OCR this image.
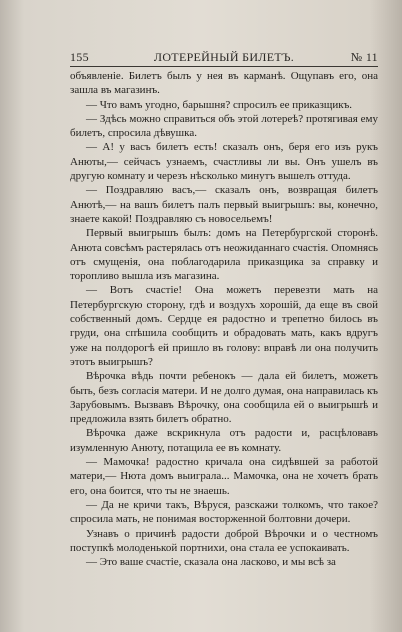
155	ЛОТЕРЕЙНЫЙ БИЛЕТЪ.	№ 11

объявленіе. Билетъ былъ у нея въ карманѣ. Ощупавъ его, она зашла въ магазинъ.

— Что вамъ угодно, барышня? спросилъ ее приказщикъ.

— Здѣсь можно справиться объ этой лотереѣ? протягивая ему билетъ, спросила дѣвушка.

— А! у васъ билетъ есть! сказалъ онъ, беря его изъ рукъ Анюты,— сейчасъ узнаемъ, счастливы ли вы. Онъ ушелъ въ другую комнату и черезъ нѣсколько минутъ вышелъ оттуда.

— Поздравляю васъ,— сказалъ онъ, возвращая билетъ Анютѣ,— на вашъ билетъ палъ первый выигрышъ: вы, конечно, знаете какой! Поздравляю съ новосельемъ!

Первый выигрышъ былъ: домъ на Петербургской сторонѣ. Анюта совсѣмъ растерялась отъ неожиданнаго счастія. Опомнясь отъ смущенія, она поблагодарила приказщика за справку и торопливо вышла изъ магазина.

— Вотъ счастіе! Она можетъ перевезти мать на Петербургскую сторону, гдѣ и воздухъ хорошій, да еще въ свой собственный домъ. Сердце ея радостно и трепетно билось въ груди, она спѣшила сообщить и обрадовать мать, какъ вдругъ уже на полдорогѣ ей пришло въ голову: вправѣ ли она получить этотъ выигрышъ?

Вѣрочка вѣдь почти ребенокъ — дала ей билетъ, можетъ быть, безъ согласія матери. И не долго думая, она направилась къ Зарубовымъ. Вызвавъ Вѣрочку, она сообщила ей о выигрышѣ и предложила взять билетъ обратно.

Вѣрочка даже вскрикнула отъ радости и, расцѣловавъ изумленную Анюту, потащила ее въ комнату.

— Мамочка! радостно кричала она сидѣвшей за работой матери,— Нюта домъ выиграла... Мамочка, она не хочетъ брать его, она боится, что ты не знаешь.

— Да не кричи такъ, Вѣруся, разскажи толкомъ, что такое? спросила мать, не понимая восторженной болтовни дочери.

Узнавъ о причинѣ радости доброй Вѣрочки и о честномъ поступкѣ молоденькой портнихи, она стала ее успокаивать.

— Это ваше счастіе, сказала она ласково, и мы всѣ за
